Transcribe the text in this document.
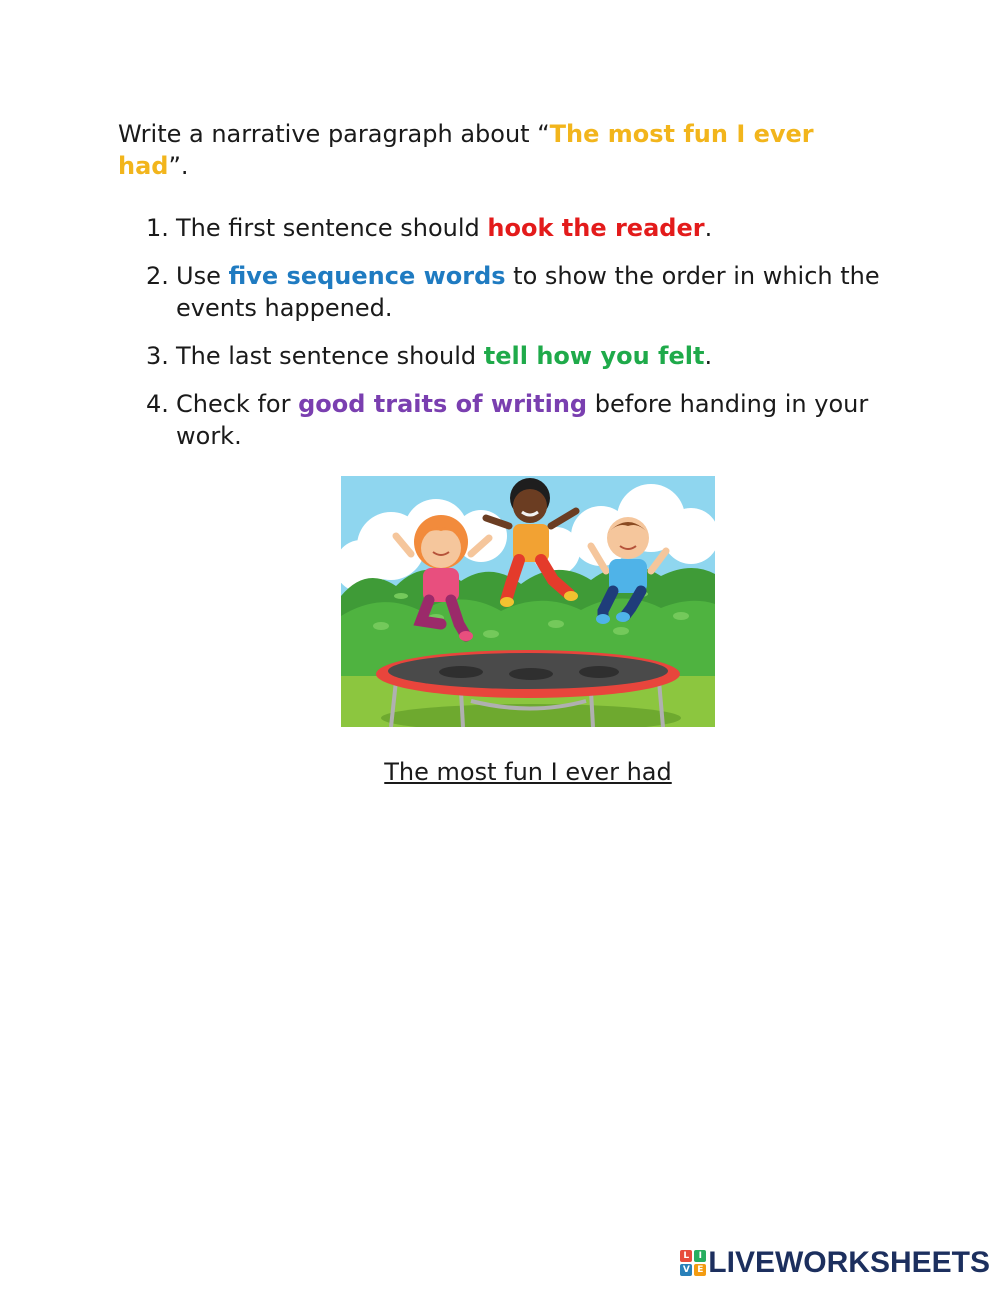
Write a narrative paragraph about “The most fun I ever had”.
1. The first sentence should hook the reader.
2. Use five sequence words to show the order in which the events happened.
3. The last sentence should tell how you felt.
4. Check for good traits of writing before handing in your work.
The most fun I ever had
L	I
V E LIVEWORKSHEETS
